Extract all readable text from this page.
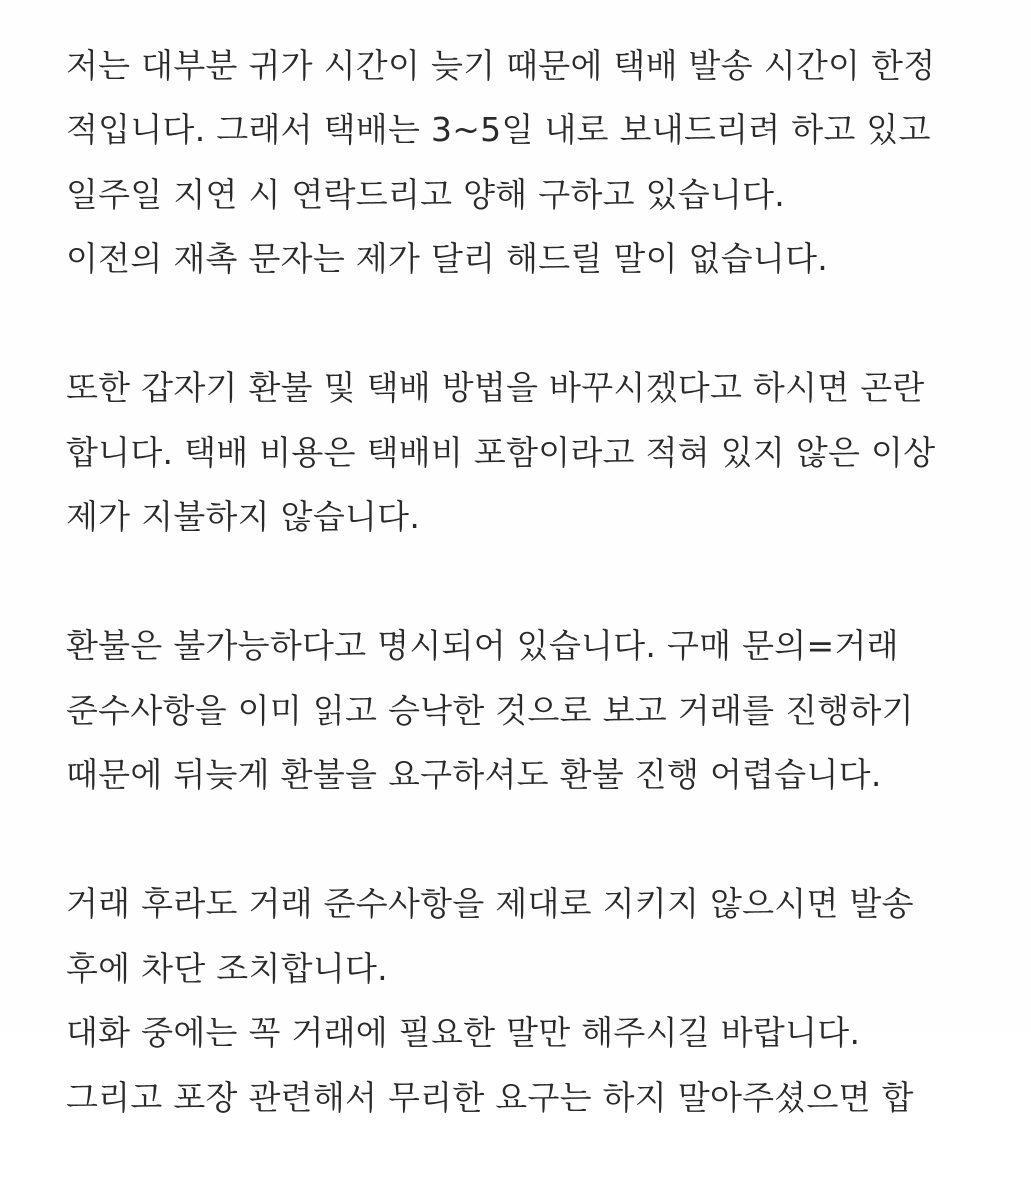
저는 대부분 귀가 시간이 늦기 때문에 택배 발송 시간이 한정
적입니다. 그래서 택배는 3~5일 내로 보내드리려 하고 있고
일주일 지연 시 연락드리고 양해 구하고 있습니다.
이전의 재촉 문자는 제가 달리 해드릴 말이 없습니다.
또한 갑자기 환불 및 택배 방법을 바꾸시겠다고 하시면 곤란
합니다. 택배 비용은 택배비 포함이라고 적혀 있지 않은 이상
제가 지불하지 않습니다.
환불은 불가능하다고 명시되어 있습니다. 구매 문의=거래
준수사항을 이미 읽고 승낙한 것으로 보고 거래를 진행하기
때문에 뒤늦게 환불을 요구하셔도 환불 진행 어렵습니다.
거래 후라도 거래 준수사항을 제대로 지키지 않으시면 발송
후에 차단 조치합니다.
대화 중에는 꼭 거래에 필요한 말만 해주시길 바랍니다.
그리고 포장 관련해서 무리한 요구는 하지 말아주셨으면 합
